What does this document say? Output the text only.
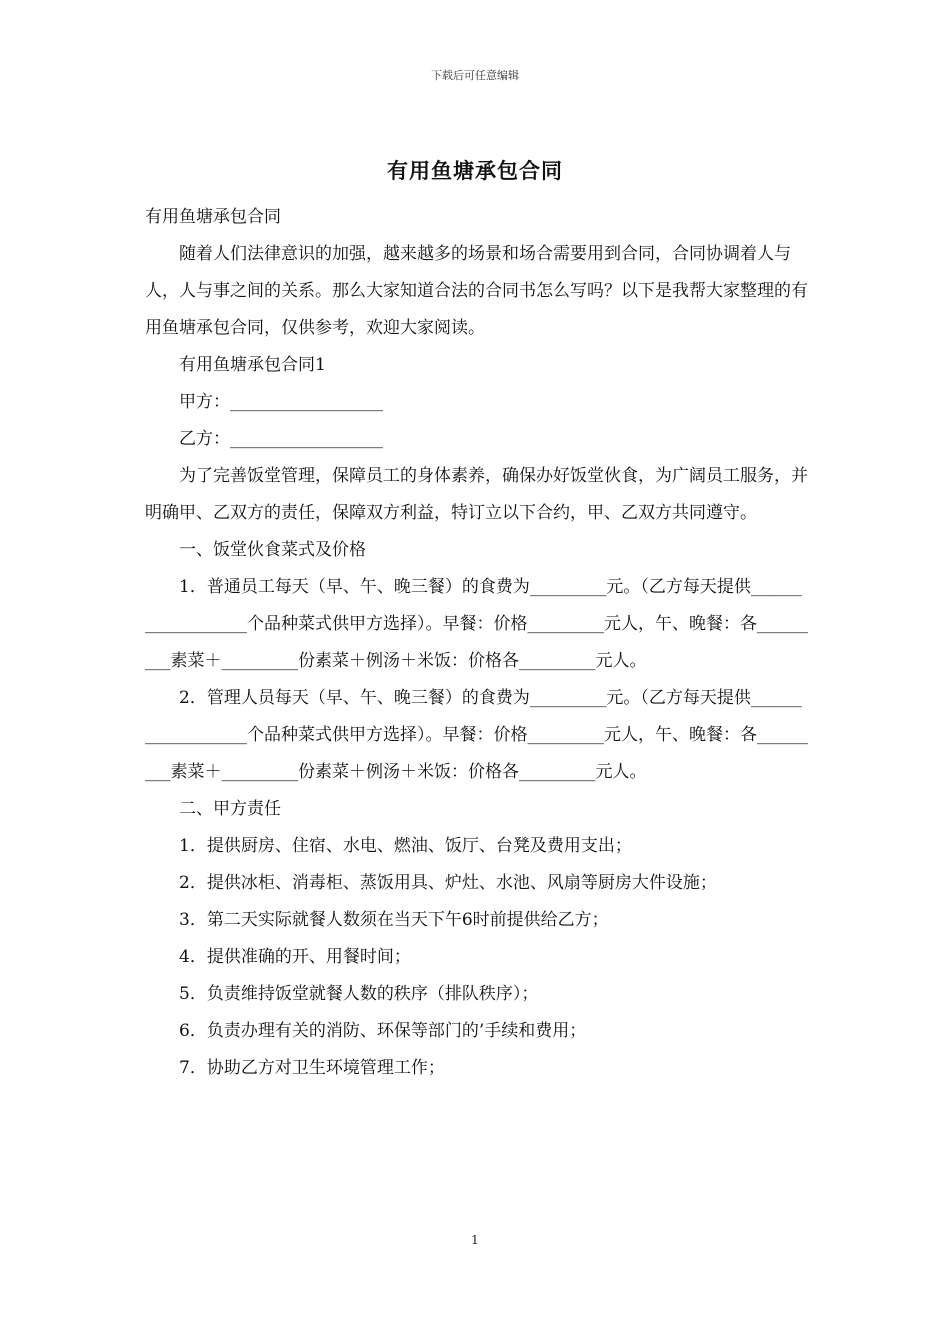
下载后可任意编辑
有用鱼塘承包合同

有用鱼塘承包合同

随着人们法律意识的加强，越来越多的场景和场合需要用到合同，合同协调着人与人，人与事之间的关系。那么大家知道合法的合同书怎么写吗？以下是我帮大家整理的有用鱼塘承包合同，仅供参考，欢迎大家阅读。

有用鱼塘承包合同1

甲方：__________________

乙方：__________________

为了完善饭堂管理，保障员工的身体素养，确保办好饭堂伙食，为广阔员工服务，并明确甲、乙双方的责任，保障双方利益，特订立以下合约，甲、乙双方共同遵守。

一、饭堂伙食菜式及价格

1．普通员工每天（早、午、晚三餐）的食费为_________元。（乙方每天提供__________________个品种菜式供甲方选择）。早餐：价格_________元人，午、晚餐：各_________素菜＋_________份素菜＋例汤＋米饭：价格各_________元人。

2．管理人员每天（早、午、晚三餐）的食费为_________元。（乙方每天提供__________________个品种菜式供甲方选择）。早餐：价格_________元人，午、晚餐：各_________素菜＋_________份素菜＋例汤＋米饭：价格各_________元人。

二、甲方责任

1．提供厨房、住宿、水电、燃油、饭厅、台凳及费用支出；

2．提供冰柜、消毒柜、蒸饭用具、炉灶、水池、风扇等厨房大件设施；

3．第二天实际就餐人数须在当天下午6时前提供给乙方；

4．提供准确的开、用餐时间；

5．负责维持饭堂就餐人数的秩序（排队秩序）；

6．负责办理有关的消防、环保等部门的’手续和费用；

7．协助乙方对卫生环境管理工作；

1
